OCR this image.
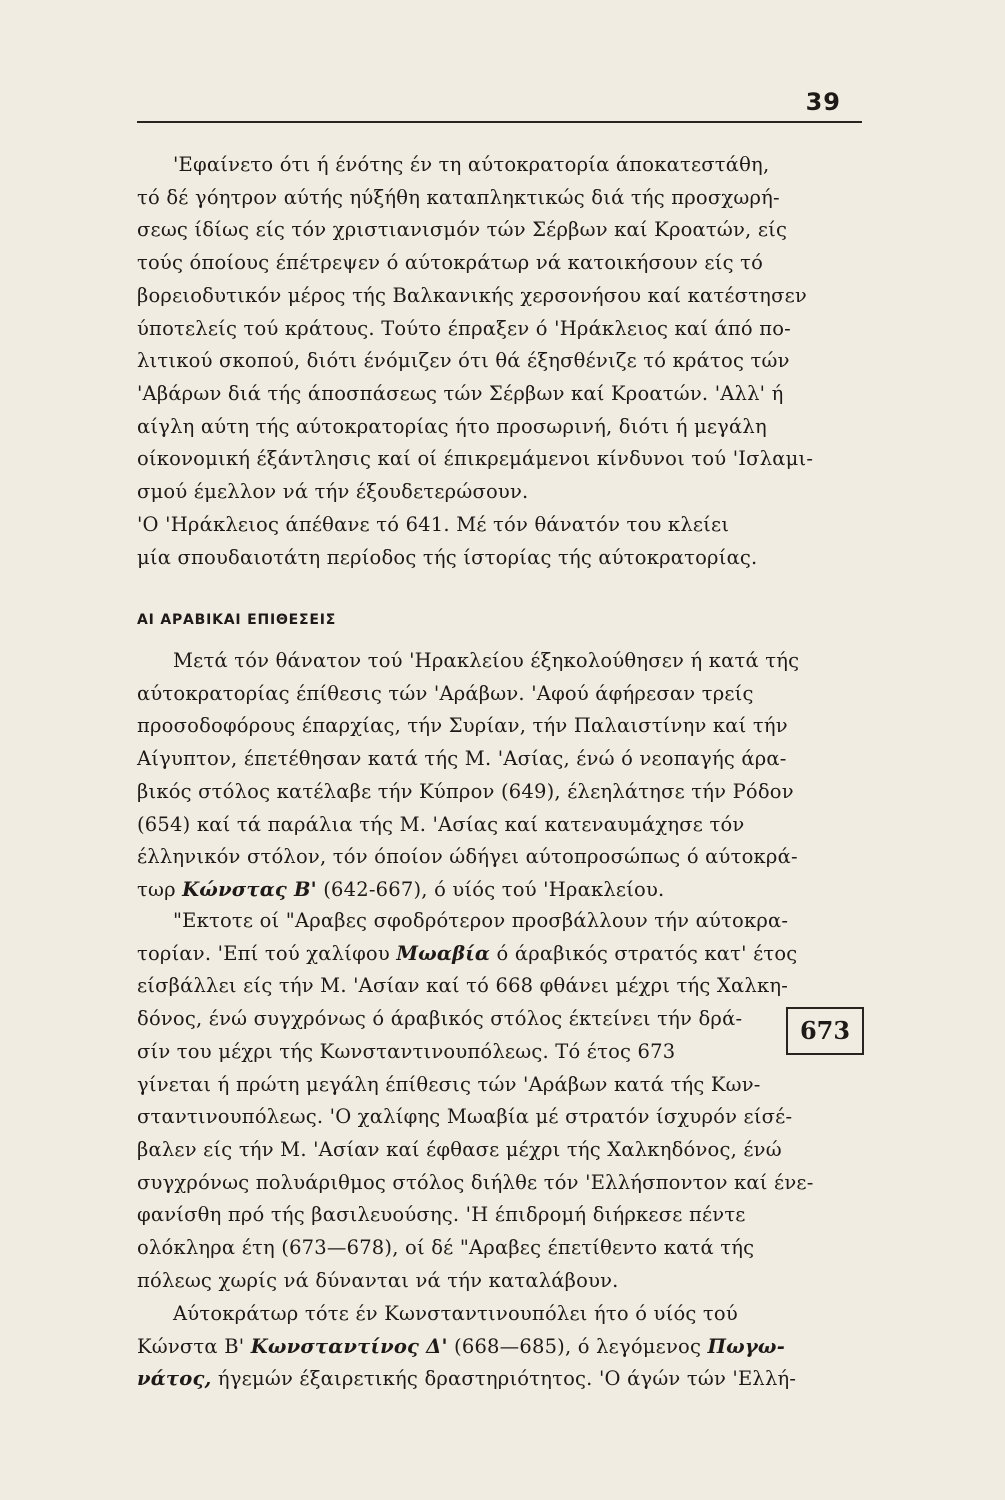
39

'Εφαίνετο ότι ή ένότης έν τη αύτοκρατορία άποκατεστάθη,
τό δέ γόητρον αύτής ηύξήθη καταπληκτικώς διά τής προσχωρή-
σεως ίδίως είς τόν χριστιανισμόν τών Σέρβων καί Κροατών, είς
τούς όποίους έπέτρεψεν ό αύτοκράτωρ νά κατοικήσουν είς τό
βορειοδυτικόν μέρος τής Βαλκανικής χερσονήσου καί κατέστησεν
ύποτελείς τού κράτους. Τούτο έπραξεν ό 'Ηράκλειος καί άπό πο-
λιτικού σκοπού, διότι ένόμιζεν ότι θά έξησθένιζε τό κράτος τών
'Αβάρων διά τής άποσπάσεως τών Σέρβων καί Κροατών. 'Αλλ' ή
αίγλη αύτη τής αύτοκρατορίας ήτο προσωρινή, διότι ή μεγάλη
οίκονομική έξάντλησις καί οί έπικρεμάμενοι κίνδυνοι τού 'Ισλαμι-
σμού έμελλον νά τήν έξουδετερώσουν.

'Ο 'Ηράκλειος άπέθανε τό 641. Μέ τόν θάνατόν του κλείει
μία σπουδαιοτάτη περίοδος τής ίστορίας τής αύτοκρατορίας.

ΑΙ ΑΡΑΒΙΚΑΙ ΕΠΙΘΕΣΕΙΣ

Μετά τόν θάνατον τού 'Ηρακλείου έξηκολούθησεν ή κατά τής
αύτοκρατορίας έπίθεσις τών 'Αράβων. 'Αφού άφήρεσαν τρείς
προσοδοφόρους έπαρχίας, τήν Συρίαν, τήν Παλαιστίνην καί τήν
Αίγυπτον, έπετέθησαν κατά τής Μ. 'Ασίας, ένώ ό νεοπαγής άρα-
βικός στόλος κατέλαβε τήν Κύπρον (649), έλεηλάτησε τήν Ρόδον
(654) καί τά παράλια τής Μ. 'Ασίας καί κατεναυμάχησε τόν
έλληνικόν στόλον, τόν όποίον ώδήγει αύτοπροσώπως ό αύτοκρά-
τωρ Κώνστας Β' (642-667), ό υίός τού 'Ηρακλείου.

"Εκτοτε οί "Αραβες σφοδρότερον προσβάλλουν τήν αύτοκρα-
τορίαν. 'Επί τού χαλίφου Μωαβία ό άραβικός στρατός κατ' έτος
είσβάλλει είς τήν Μ. 'Ασίαν καί τό 668 φθάνει μέχρι τής Χαλκη-
δόνος, ένώ συγχρόνως ό άραβικός στόλος έκτείνει τήν δρά-
σίν του μέχρι τής Κωνσταντινουπόλεως. Τό έτος 673
γίνεται ή πρώτη μεγάλη έπίθεσις τών 'Αράβων κατά τής Κων-
σταντινουπόλεως. 'Ο χαλίφης Μωαβία μέ στρατόν ίσχυρόν είσέ-
βαλεν είς τήν Μ. 'Ασίαν καί έφθασε μέχρι τής Χαλκηδόνος, ένώ
συγχρόνως πολυάριθμος στόλος διήλθε τόν 'Ελλήσποντον καί ένε-
φανίσθη πρό τής βασιλευούσης. 'Η έπιδρομή διήρκεσε πέντε
ολόκληρα έτη (673—678), οί δέ "Αραβες έπετίθεντο κατά τής
πόλεως χωρίς νά δύνανται νά τήν καταλάβουν.

673

Αύτοκράτωρ τότε έν Κωνσταντινουπόλει ήτο ό υίός τού
Κώνστα Β' Κωνσταντίνος Δ' (668—685), ό λεγόμενος Πωγω-
νάτος, ήγεμών έξαιρετικής δραστηριότητος. 'Ο άγών τών 'Ελλή-
